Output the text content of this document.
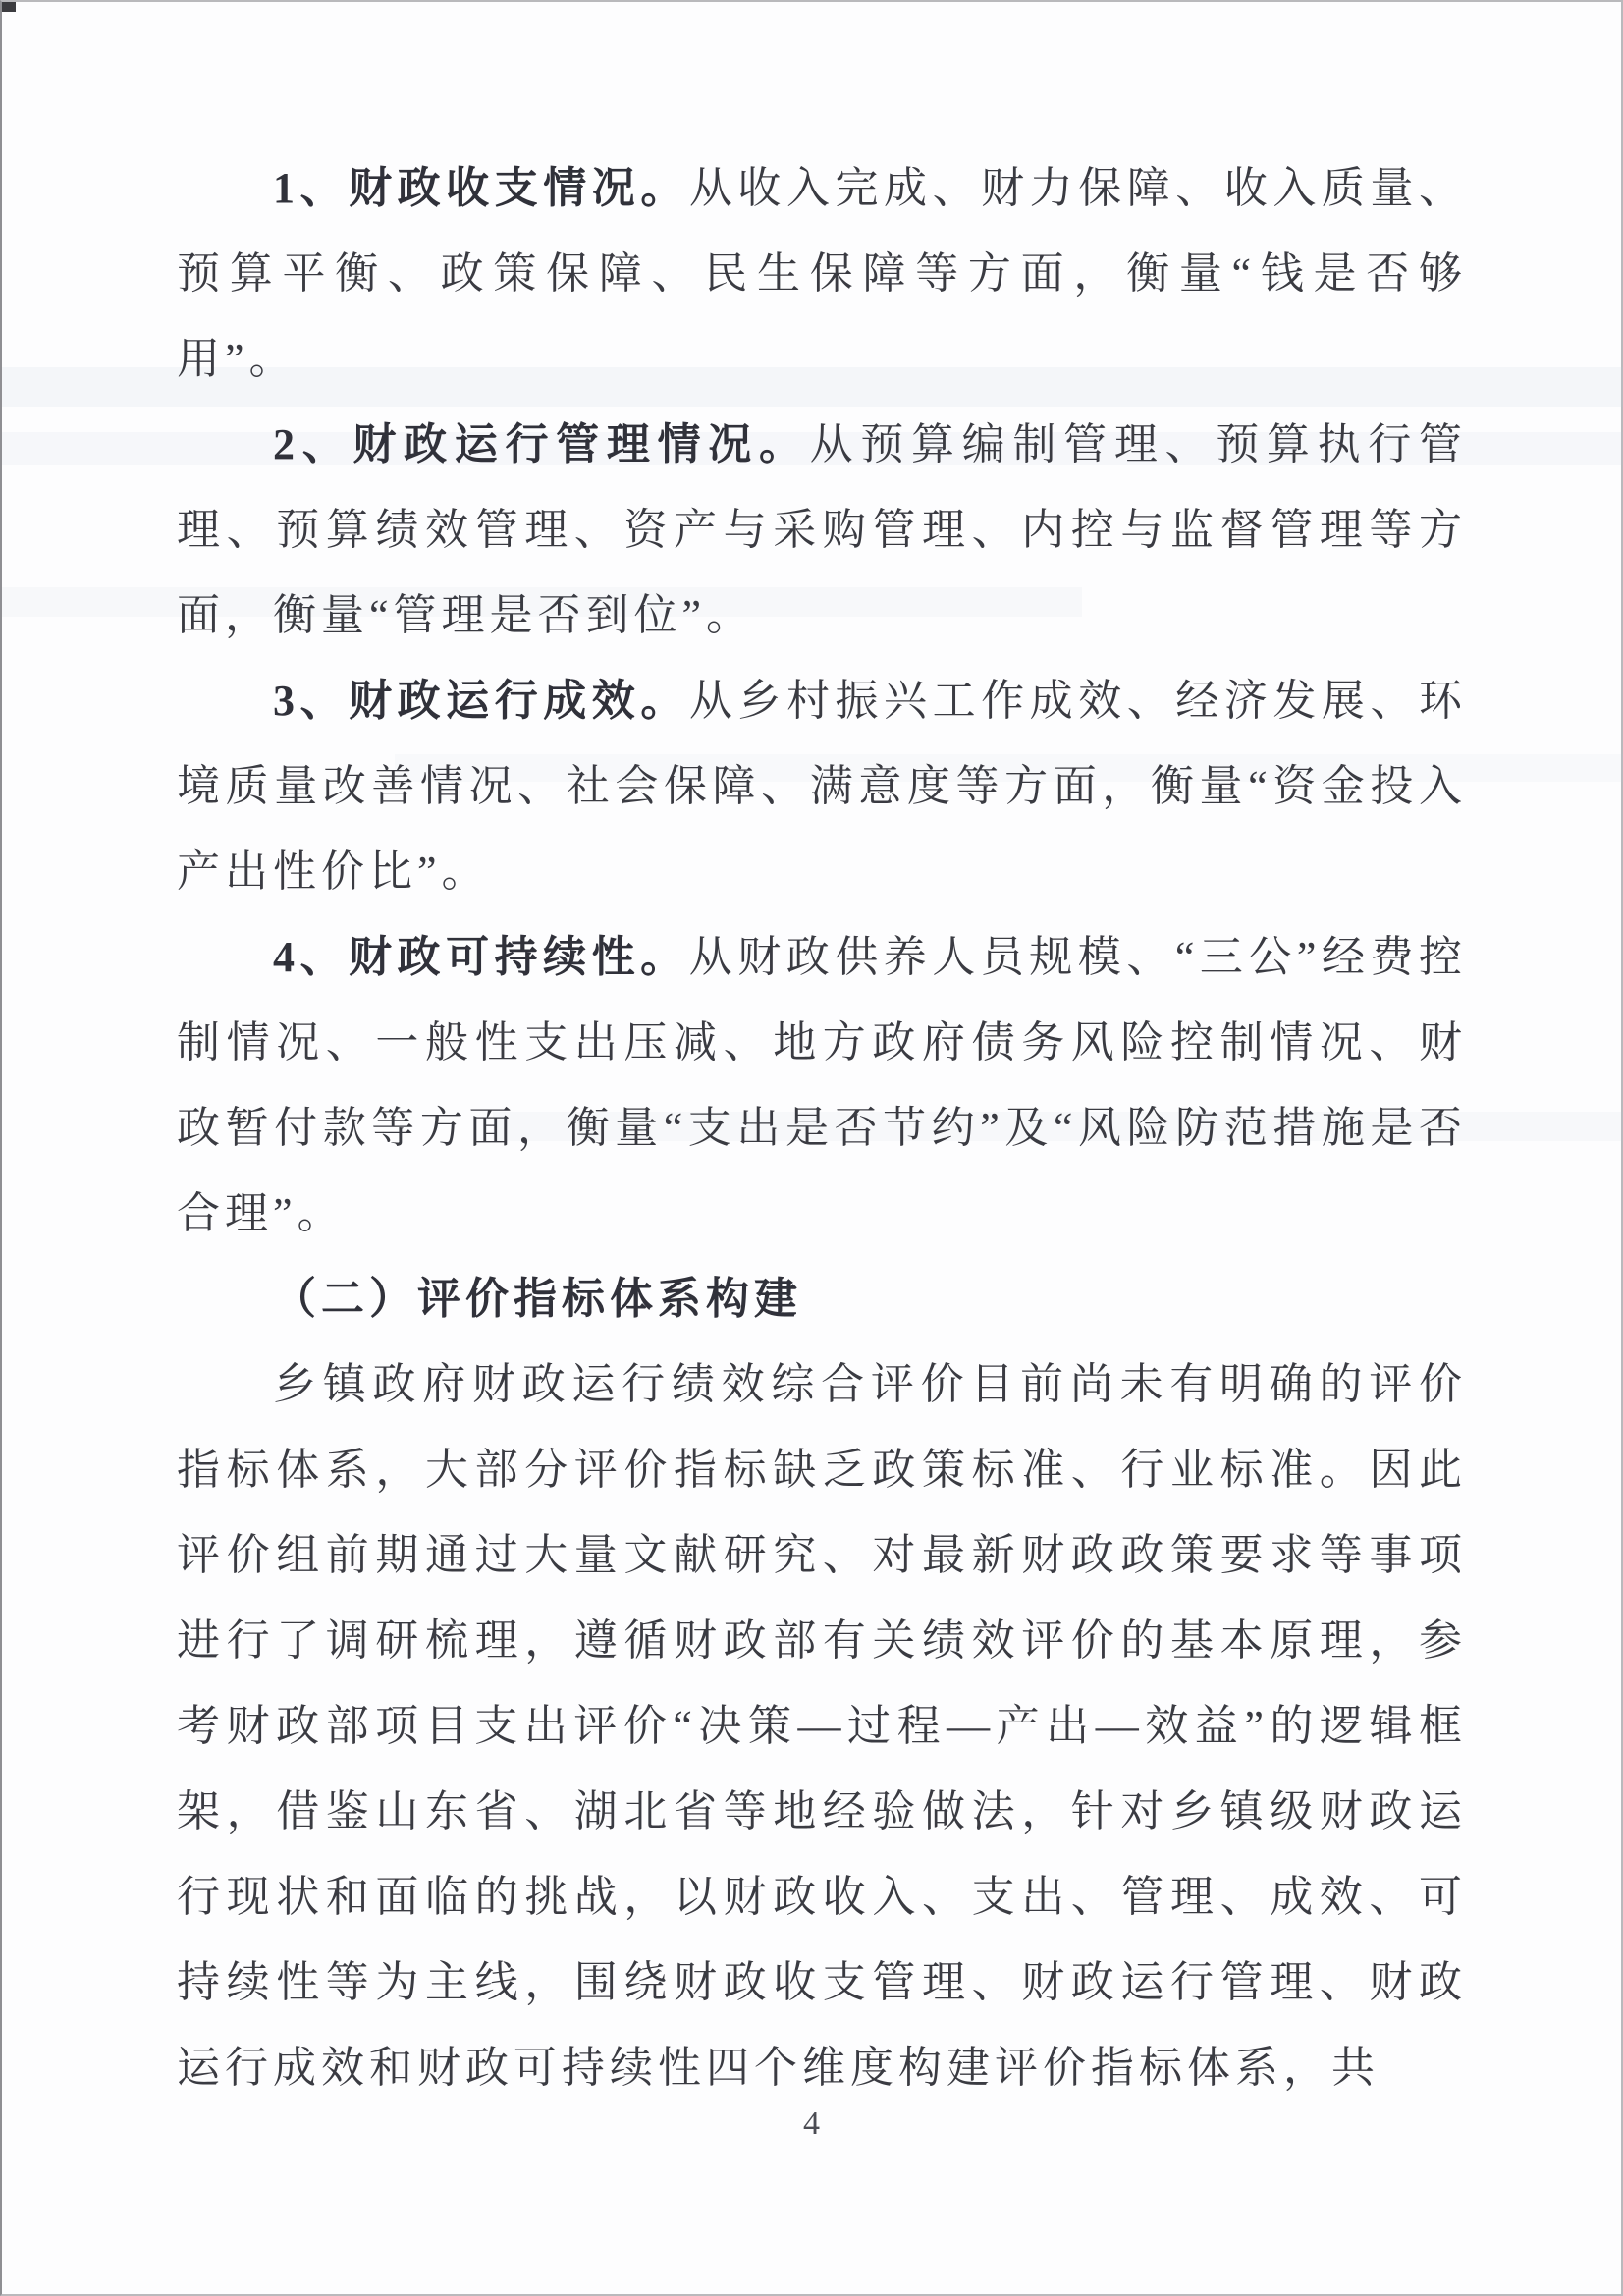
1、财政收支情况。从收入完成、财力保障、收入质量、预算平衡、政策保障、民生保障等方面，衡量“钱是否够用”。

2、财政运行管理情况。从预算编制管理、预算执行管理、预算绩效管理、资产与采购管理、内控与监督管理等方面，衡量“管理是否到位”。

3、财政运行成效。从乡村振兴工作成效、经济发展、环境质量改善情况、社会保障、满意度等方面，衡量“资金投入产出性价比”。

4、财政可持续性。从财政供养人员规模、“三公”经费控制情况、一般性支出压减、地方政府债务风险控制情况、财政暂付款等方面，衡量“支出是否节约”及“风险防范措施是否合理”。

（二）评价指标体系构建

乡镇政府财政运行绩效综合评价目前尚未有明确的评价指标体系，大部分评价指标缺乏政策标准、行业标准。因此评价组前期通过大量文献研究、对最新财政政策要求等事项进行了调研梳理，遵循财政部有关绩效评价的基本原理，参考财政部项目支出评价“决策—过程—产出—效益”的逻辑框架，借鉴山东省、湖北省等地经验做法，针对乡镇级财政运行现状和面临的挑战，以财政收入、支出、管理、成效、可持续性等为主线，围绕财政收支管理、财政运行管理、财政运行成效和财政可持续性四个维度构建评价指标体系，共

4
